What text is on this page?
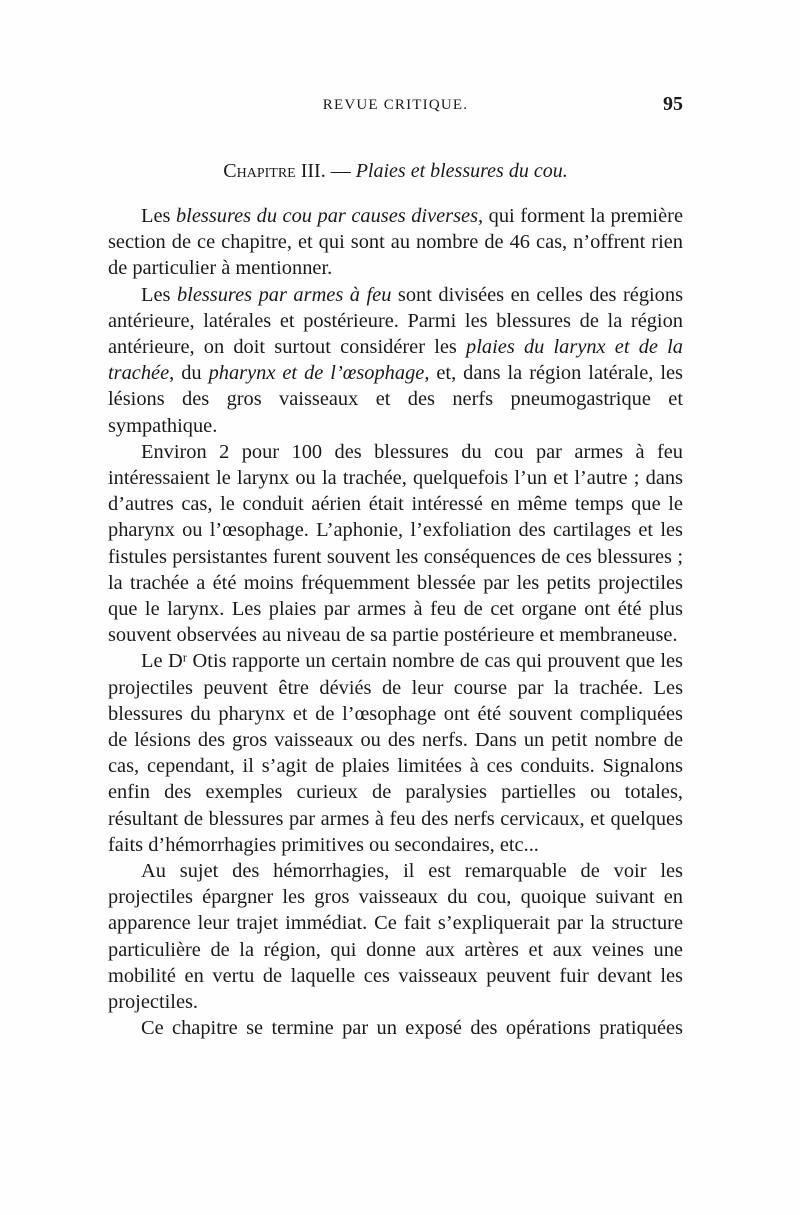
REVUE CRITIQUE.	95
Chapitre III. — Plaies et blessures du cou.

Les blessures du cou par causes diverses, qui forment la première section de ce chapitre, et qui sont au nombre de 46 cas, n’offrent rien de particulier à mentionner.

Les blessures par armes à feu sont divisées en celles des régions antérieure, latérales et postérieure. Parmi les blessures de la région antérieure, on doit surtout considérer les plaies du larynx et de la trachée, du pharynx et de l’œsophage, et, dans la région latérale, les lésions des gros vaisseaux et des nerfs pneumogastrique et sympathique.

Environ 2 pour 100 des blessures du cou par armes à feu intéressaient le larynx ou la trachée, quelquefois l’un et l’autre ; dans d’autres cas, le conduit aérien était intéressé en même temps que le pharynx ou l’œsophage. L’aphonie, l’exfoliation des cartilages et les fistules persistantes furent souvent les conséquences de ces blessures ; la trachée a été moins fréquemment blessée par les petits projectiles que le larynx. Les plaies par armes à feu de cet organe ont été plus souvent observées au niveau de sa partie postérieure et membraneuse.

Le Dʳ Otis rapporte un certain nombre de cas qui prouvent que les projectiles peuvent être déviés de leur course par la trachée. Les blessures du pharynx et de l’œsophage ont été souvent compliquées de lésions des gros vaisseaux ou des nerfs. Dans un petit nombre de cas, cependant, il s’agit de plaies limitées à ces conduits. Signalons enfin des exemples curieux de paralysies partielles ou totales, résultant de blessures par armes à feu des nerfs cervicaux, et quelques faits d’hémorrhagies primitives ou secondaires, etc...

Au sujet des hémorrhagies, il est remarquable de voir les projectiles épargner les gros vaisseaux du cou, quoique suivant en apparence leur trajet immédiat. Ce fait s’expliquerait par la structure particulière de la région, qui donne aux artères et aux veines une mobilité en vertu de laquelle ces vaisseaux peuvent fuir devant les projectiles.

Ce chapitre se termine par un exposé des opérations pratiquées
